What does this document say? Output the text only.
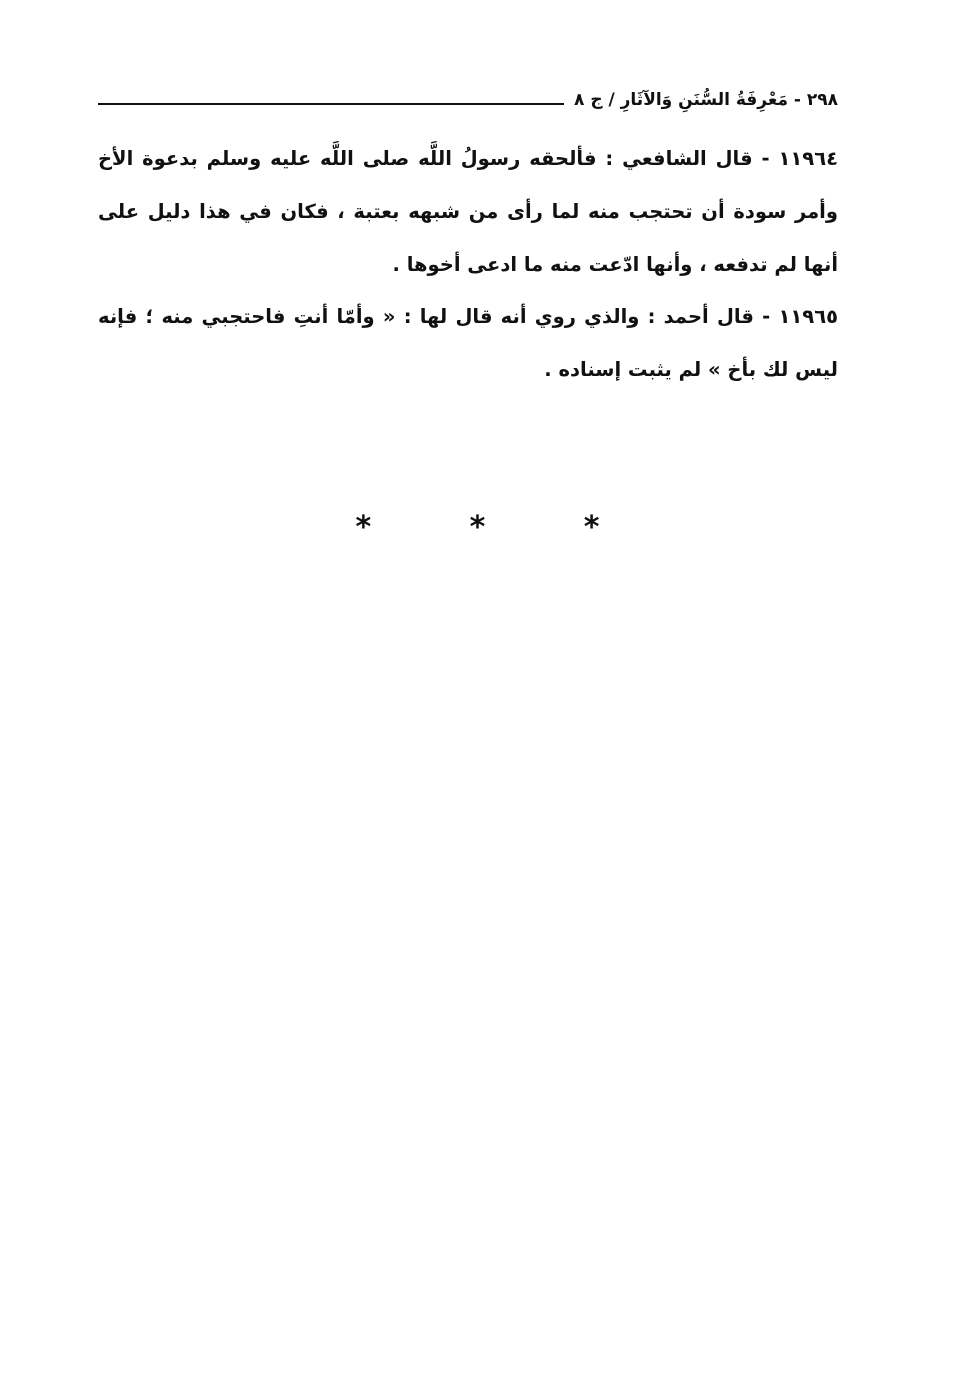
٢٩٨ - مَعْرِفَةُ السُّنَنِ وَالآثَارِ / ج ٨

١١٩٦٤ - قال الشافعي : فألحقه رسولُ اللَّه صلى اللَّه عليه وسلم بدعوة الأخ وأمر سودة أن تحتجب منه لما رأى من شبهه بعتبة ، فكان في هذا دليل على أنها لم تدفعه ، وأنها ادّعت منه ما ادعى أخوها .

١١٩٦٥ - قال أحمد : والذي روي أنه قال لها : « وأمّا أنتِ فاحتجبي منه ؛ فإنه ليس لك بأخ » لم يثبت إسناده .

* * *
